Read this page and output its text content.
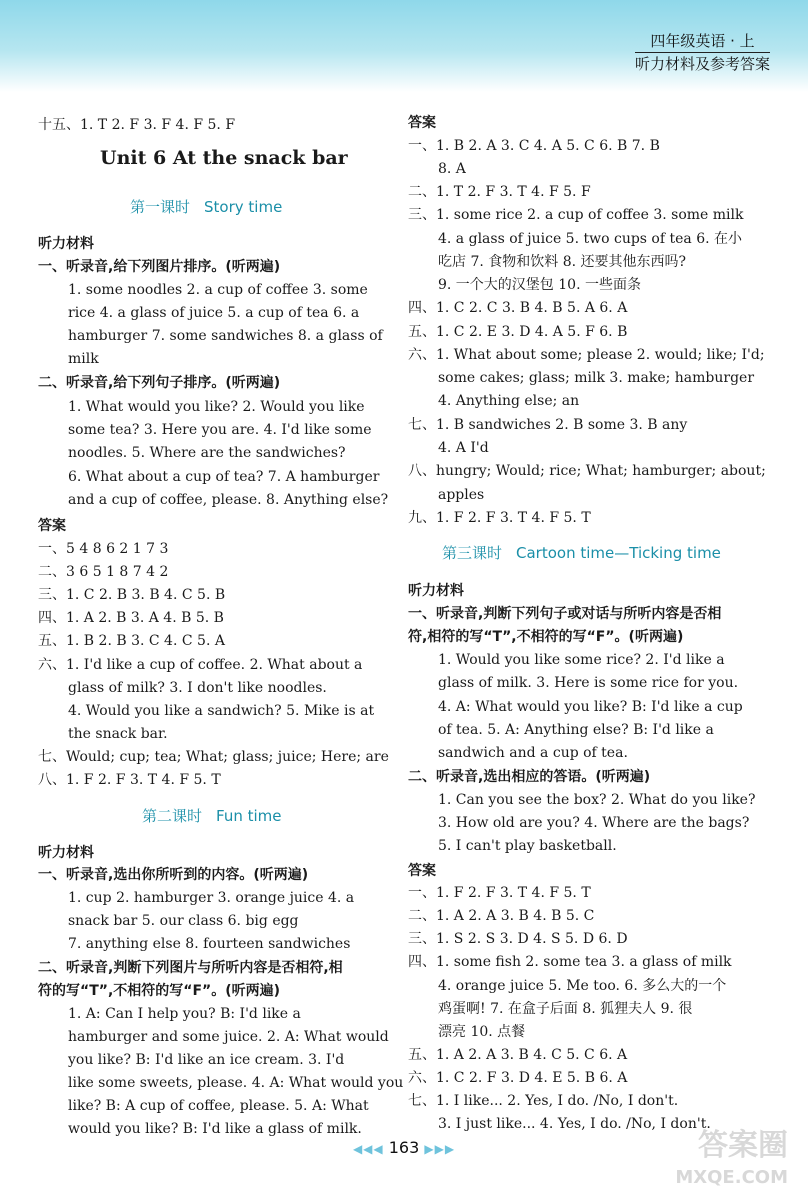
四年级英语 · 上
听力材料及参考答案
十五、1. T 2. F 3. F 4. F 5. F
Unit 6 At the snack bar
第一课时 Story time
听力材料
一、听录音,给下列图片排序。(听两遍)
1. some noodles 2. a cup of coffee 3. some
rice 4. a glass of juice 5. a cup of tea 6. a
hamburger 7. some sandwiches 8. a glass of
milk
二、听录音,给下列句子排序。(听两遍)
1. What would you like? 2. Would you like
some tea? 3. Here you are. 4. I'd like some
noodles. 5. Where are the sandwiches?
6. What about a cup of tea? 7. A hamburger
and a cup of coffee, please. 8. Anything else?
答案
一、5 4 8 6 2 1 7 3
二、3 6 5 1 8 7 4 2
三、1. C 2. B 3. B 4. C 5. B
四、1. A 2. B 3. A 4. B 5. B
五、1. B 2. B 3. C 4. C 5. A
六、1. I'd like a cup of coffee. 2. What about a
glass of milk? 3. I don't like noodles.
4. Would you like a sandwich? 5. Mike is at
the snack bar.
七、Would; cup; tea; What; glass; juice; Here; are
八、1. F 2. F 3. T 4. F 5. T
第二课时 Fun time
听力材料
一、听录音,选出你所听到的内容。(听两遍)
1. cup 2. hamburger 3. orange juice 4. a
snack bar 5. our class 6. big egg
7. anything else 8. fourteen sandwiches
二、听录音,判断下列图片与所听内容是否相符,相
符的写“T”,不相符的写“F”。(听两遍)
1. A: Can I help you? B: I'd like a
hamburger and some juice. 2. A: What would
you like? B: I'd like an ice cream. 3. I'd
like some sweets, please. 4. A: What would you
like? B: A cup of coffee, please. 5. A: What
would you like? B: I'd like a glass of milk.
答案
一、1. B 2. A 3. C 4. A 5. C 6. B 7. B
8. A
二、1. T 2. F 3. T 4. F 5. F
三、1. some rice 2. a cup of coffee 3. some milk
4. a glass of juice 5. two cups of tea 6. 在小
吃店 7. 食物和饮料 8. 还要其他东西吗?
9. 一个大的汉堡包 10. 一些面条
四、1. C 2. C 3. B 4. B 5. A 6. A
五、1. C 2. E 3. D 4. A 5. F 6. B
六、1. What about some; please 2. would; like; I'd;
some cakes; glass; milk 3. make; hamburger
4. Anything else; an
七、1. B sandwiches 2. B some 3. B any
4. A I'd
八、hungry; Would; rice; What; hamburger; about;
apples
九、1. F 2. F 3. T 4. F 5. T
第三课时 Cartoon time—Ticking time
听力材料
一、听录音,判断下列句子或对话与所听内容是否相
符,相符的写“T”,不相符的写“F”。(听两遍)
1. Would you like some rice? 2. I'd like a
glass of milk. 3. Here is some rice for you.
4. A: What would you like? B: I'd like a cup
of tea. 5. A: Anything else? B: I'd like a
sandwich and a cup of tea.
二、听录音,选出相应的答语。(听两遍)
1. Can you see the box? 2. What do you like?
3. How old are you? 4. Where are the bags?
5. I can't play basketball.
答案
一、1. F 2. F 3. T 4. F 5. T
二、1. A 2. A 3. B 4. B 5. C
三、1. S 2. S 3. D 4. S 5. D 6. D
四、1. some fish 2. some tea 3. a glass of milk
4. orange juice 5. Me too. 6. 多么大的一个
鸡蛋啊! 7. 在盒子后面 8. 狐狸夫人 9. 很
漂亮 10. 点餐
五、1. A 2. A 3. B 4. C 5. C 6. A
六、1. C 2. F 3. D 4. E 5. B 6. A
七、1. I like... 2. Yes, I do. /No, I don't.
3. I just like... 4. Yes, I do. /No, I don't.
◀◀◀ 163 ▶▶▶	答案圈
MXQE.COM
